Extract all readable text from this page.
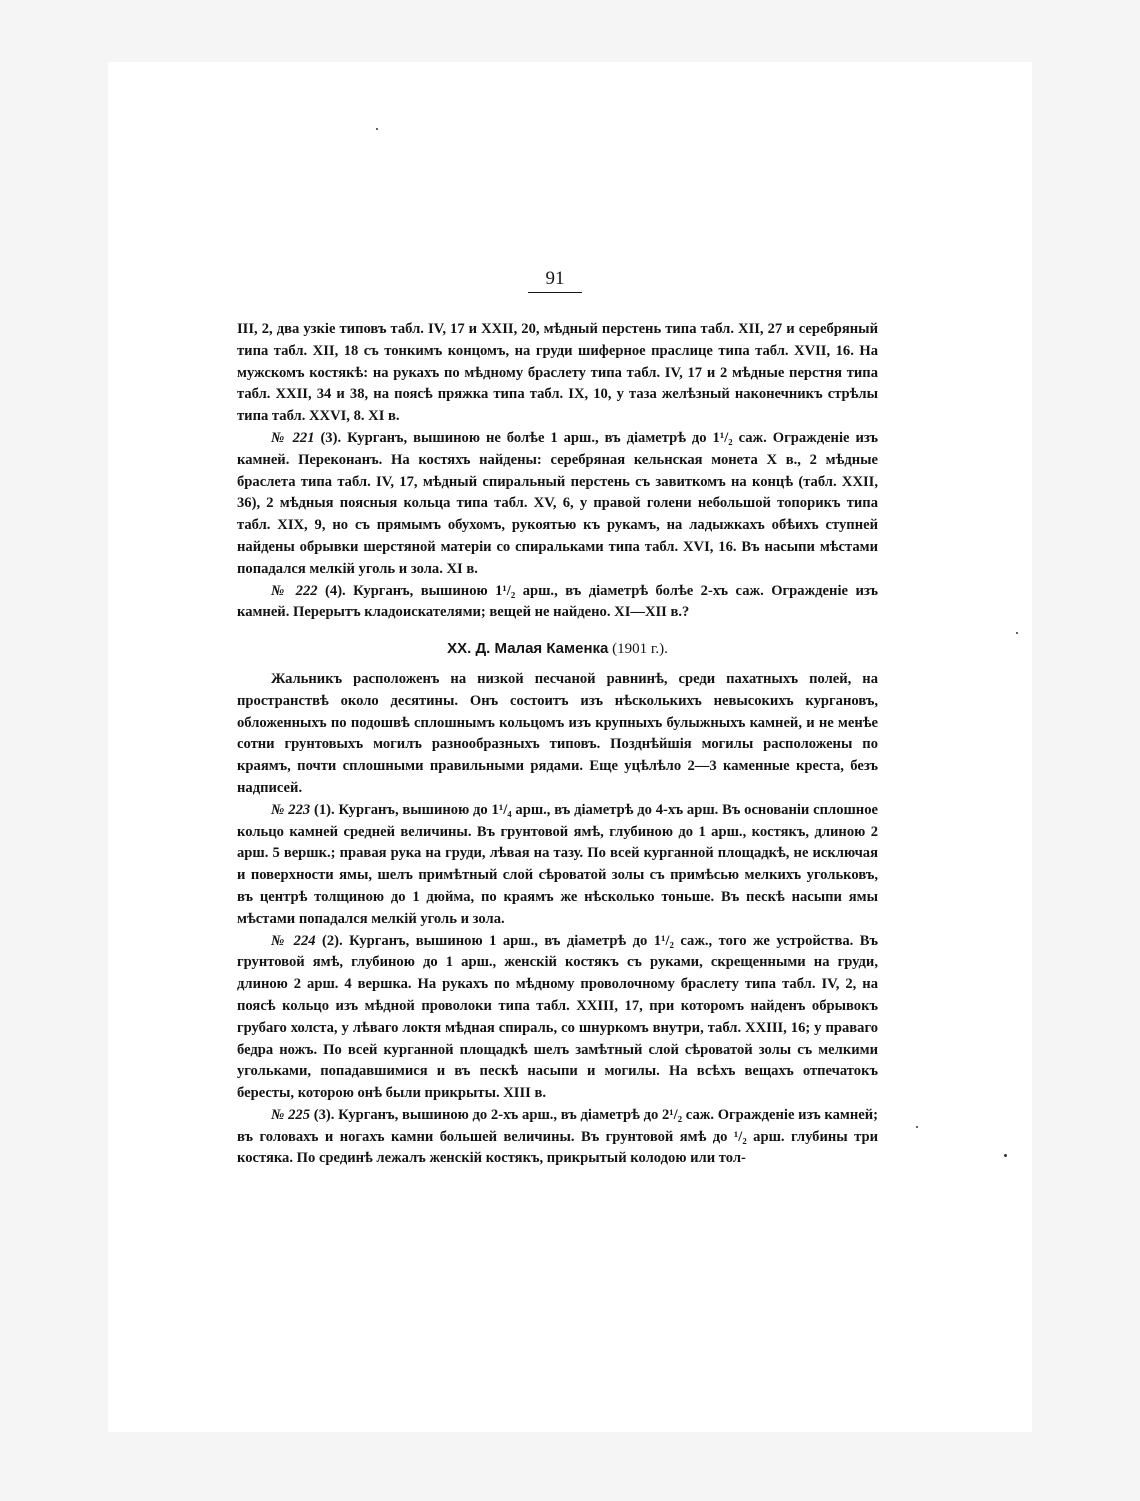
91

III, 2, два узкіе типовъ табл. IV, 17 и XXII, 20, мѣдный перстень типа табл. XII, 27 и серебряный типа табл. XII, 18 съ тонкимъ концомъ, на груди шиферное праслице типа табл. XVII, 16. На мужскомъ костякѣ: на рукахъ по мѣдному браслету типа табл. IV, 17 и 2 мѣдные перстня типа табл. XXII, 34 и 38, на поясѣ пряжка типа табл. IX, 10, у таза желѣзный наконечникъ стрѣлы типа табл. XXVI, 8. XI в.

№ 221 (3). Курганъ, вышиною не болѣе 1 арш., въ діаметрѣ до 1¹/₂ саж. Огражденіе изъ камней. Переконанъ. На костяхъ найдены: серебряная кельнская монета X в., 2 мѣдные браслета типа табл. IV, 17, мѣдный спиральный перстень съ завиткомъ на концѣ (табл. XXII, 36), 2 мѣдныя поясныя кольца типа табл. XV, 6, у правой голени небольшой топорикъ типа табл. XIX, 9, но съ прямымъ обухомъ, рукоятью къ рукамъ, на ладыжкахъ обѣихъ ступней найдены обрывки шерстяной матеріи со спиральками типа табл. XVI, 16. Въ насыпи мѣстами попадался мелкій уголь и зола. XI в.

№ 222 (4). Курганъ, вышиною 1¹/₂ арш., въ діаметрѣ болѣе 2-хъ саж. Огражденіе изъ камней. Перерытъ кладоискателями; вещей не найдено. XI—XII в.?

XX. Д. Малая Каменка (1901 г.).

Жальникъ расположенъ на низкой песчаной равнинѣ, среди пахатныхъ полей, на пространствѣ около десятины. Онъ состоитъ изъ нѣсколькихъ невысокихъ кургановъ, обложенныхъ по подошвѣ сплошнымъ кольцомъ изъ крупныхъ булыжныхъ камней, и не менѣе сотни грунтовыхъ могилъ разнообразныхъ типовъ. Позднѣйшія могилы расположены по краямъ, почти сплошными правильными рядами. Еще уцѣлѣло 2—3 каменные креста, безъ надписей.

№ 223 (1). Курганъ, вышиною до 1¹/₄ арш., въ діаметрѣ до 4-хъ арш. Въ основаніи сплошное кольцо камней средней величины. Въ грунтовой ямѣ, глубиною до 1 арш., костякъ, длиною 2 арш. 5 вершк.; правая рука на груди, лѣвая на тазу. По всей курганной площадкѣ, не исключая и поверхности ямы, шелъ примѣтный слой сѣроватой золы съ примѣсью мелкихъ угольковъ, въ центрѣ толщиною до 1 дюйма, по краямъ же нѣсколько тоньше. Въ пескѣ насыпи ямы мѣстами попадался мелкій уголь и зола.

№ 224 (2). Курганъ, вышиною 1 арш., въ діаметрѣ до 1¹/₂ саж., того же устройства. Въ грунтовой ямѣ, глубиною до 1 арш., женскій костякъ съ руками, скрещенными на груди, длиною 2 арш. 4 вершка. На рукахъ по мѣдному проволочному браслету типа табл. IV, 2, на поясѣ кольцо изъ мѣдной проволоки типа табл. XXIII, 17, при которомъ найденъ обрывокъ грубаго холста, у лѣваго локтя мѣдная спираль, со шнуркомъ внутри, табл. XXIII, 16; у праваго бедра ножъ. По всей курганной площадкѣ шелъ замѣтный слой сѣроватой золы съ мелкими угольками, попадавшимися и въ пескѣ насыпи и могилы. На всѣхъ вещахъ отпечатокъ бересты, которою онѣ были прикрыты. XIII в.

№ 225 (3). Курганъ, вышиною до 2-хъ арш., въ діаметрѣ до 2¹/₂ саж. Огражденіе изъ камней; въ головахъ и ногахъ камни большей величины. Въ грунтовой ямѣ до ¹/₂ арш. глубины три костяка. По срединѣ лежалъ женскій костякъ, прикрытый колодою или тол-
